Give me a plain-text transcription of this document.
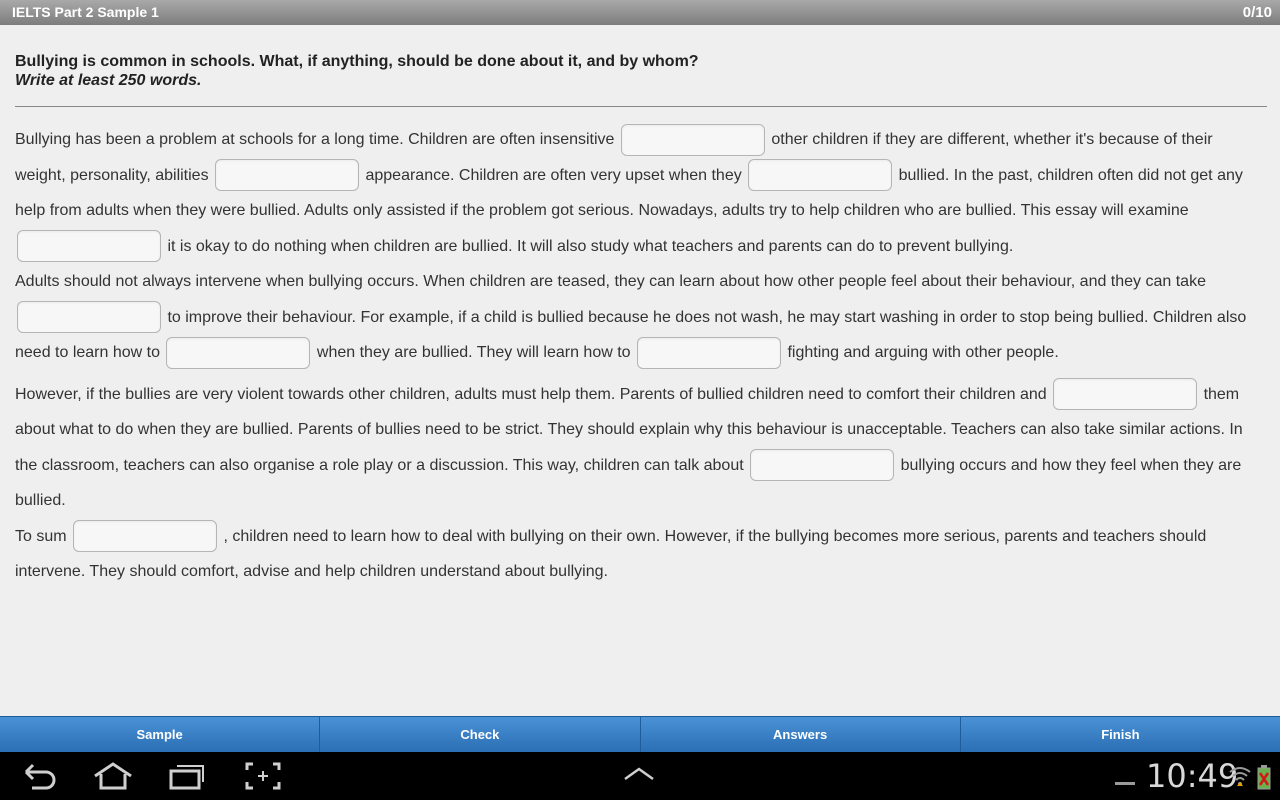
IELTS Part 2 Sample 1	0/10
Bullying is common in schools. What, if anything, should be done about it, and by whom?
Write at least 250 words.

Bullying has been a problem at schools for a long time. Children are often insensitive	other children if they are different, whether it's because of their weight, personality, abilities	appearance. Children are often very upset when they	bullied. In the past, children often did not get any help from adults when they were bullied. Adults only assisted if the problem got serious. Nowadays, adults try to help children who are bullied. This essay will examine  it is okay to do nothing when children are bullied. It will also study what teachers and parents can do to prevent bullying.

Adults should not always intervene when bullying occurs. When children are teased, they can learn about how other people feel about their behaviour, and they can take  to improve their behaviour. For example, if a child is bullied because he does not wash, he may start washing in order to stop being bullied. Children also need to learn how to	when they are bullied. They will learn how to	fighting and arguing with other people.

However, if the bullies are very violent towards other children, adults must help them. Parents of bullied children need to comfort their children and	them about what to do when they are bullied. Parents of bullies need to be strict. They should explain why this behaviour is unacceptable. Teachers can also take similar actions. In the classroom, teachers can also organise a role play or a discussion. This way, children can talk about	bullying occurs and how they feel when they are bullied.

To sum	, children need to learn how to deal with bullying on their own. However, if the bullying becomes more serious, parents and teachers should intervene. They should comfort, advise and help children understand about bullying.

Sample	Check	Answers	Finish
10:49
